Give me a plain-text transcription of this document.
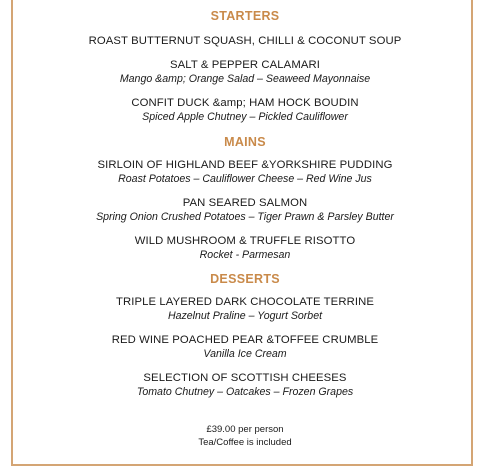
STARTERS
ROAST BUTTERNUT SQUASH, CHILLI & COCONUT SOUP
SALT & PEPPER CALAMARI
Mango &amp; Orange Salad – Seaweed Mayonnaise
CONFIT DUCK &amp; HAM HOCK BOUDIN
Spiced Apple Chutney – Pickled Cauliflower
MAINS
SIRLOIN OF HIGHLAND BEEF &YORKSHIRE PUDDING
Roast Potatoes – Cauliflower Cheese – Red Wine Jus
PAN SEARED SALMON
Spring Onion Crushed Potatoes – Tiger Prawn & Parsley Butter
WILD MUSHROOM & TRUFFLE RISOTTO
Rocket - Parmesan
DESSERTS
TRIPLE LAYERED DARK CHOCOLATE TERRINE
Hazelnut Praline – Yogurt Sorbet
RED WINE POACHED PEAR &TOFFEE CRUMBLE
Vanilla Ice Cream
SELECTION OF SCOTTISH CHEESES
Tomato Chutney – Oatcakes – Frozen Grapes
£39.00 per person
Tea/Coffee is included
